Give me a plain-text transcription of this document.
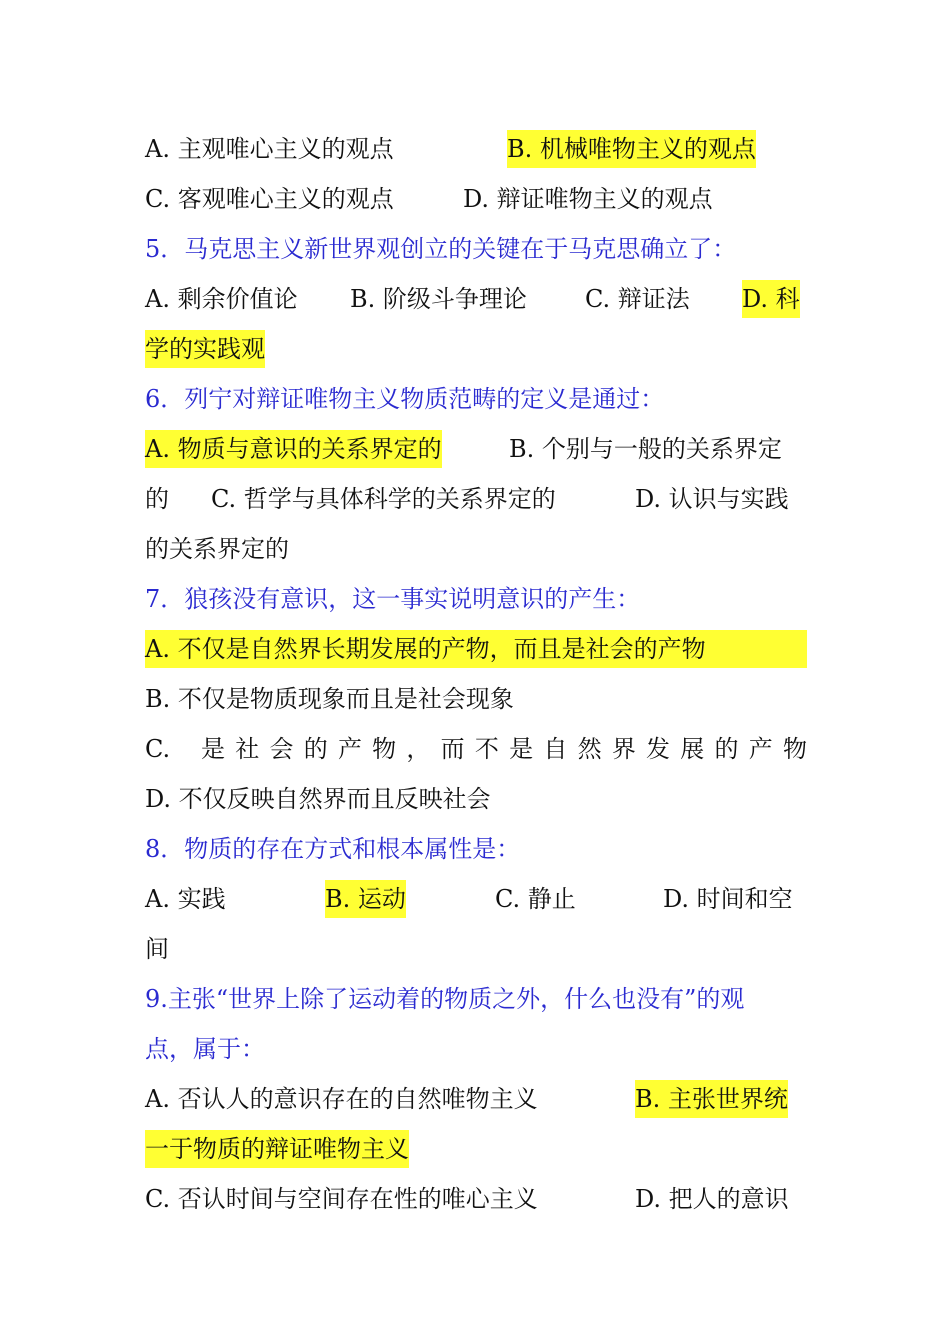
A. 主观唯心主义的观点	B. 机械唯物主义的观点
C. 客观唯心主义的观点	D. 辩证唯物主义的观点
5．马克思主义新世界观创立的关键在于马克思确立了：
A. 剩余价值论 B. 阶级斗争理论 C. 辩证法 D. 科
学的实践观
6．列宁对辩证唯物主义物质范畴的定义是通过：
A. 物质与意识的关系界定的	B. 个别与一般的关系界定
的 C. 哲学与具体科学的关系界定的	D. 认识与实践
的关系界定的
7．狼孩没有意识，这一事实说明意识的产生：
A. 不仅是自然界长期发展的产物，而且是社会的产物
B. 不仅是物质现象而且是社会现象
C. 是 社 会 的 产 物 ， 而 不 是 自 然 界 发 展 的 产 物
D. 不仅反映自然界而且反映社会
8．物质的存在方式和根本属性是：
A. 实践	B. 运动	C. 静止	D. 时间和空
间
9.主张“世界上除了运动着的物质之外，什么也没有”的观
点，属于：
A. 否认人的意识存在的自然唯物主义	B. 主张世界统
一于物质的辩证唯物主义
C. 否认时间与空间存在性的唯心主义	D. 把人的意识
